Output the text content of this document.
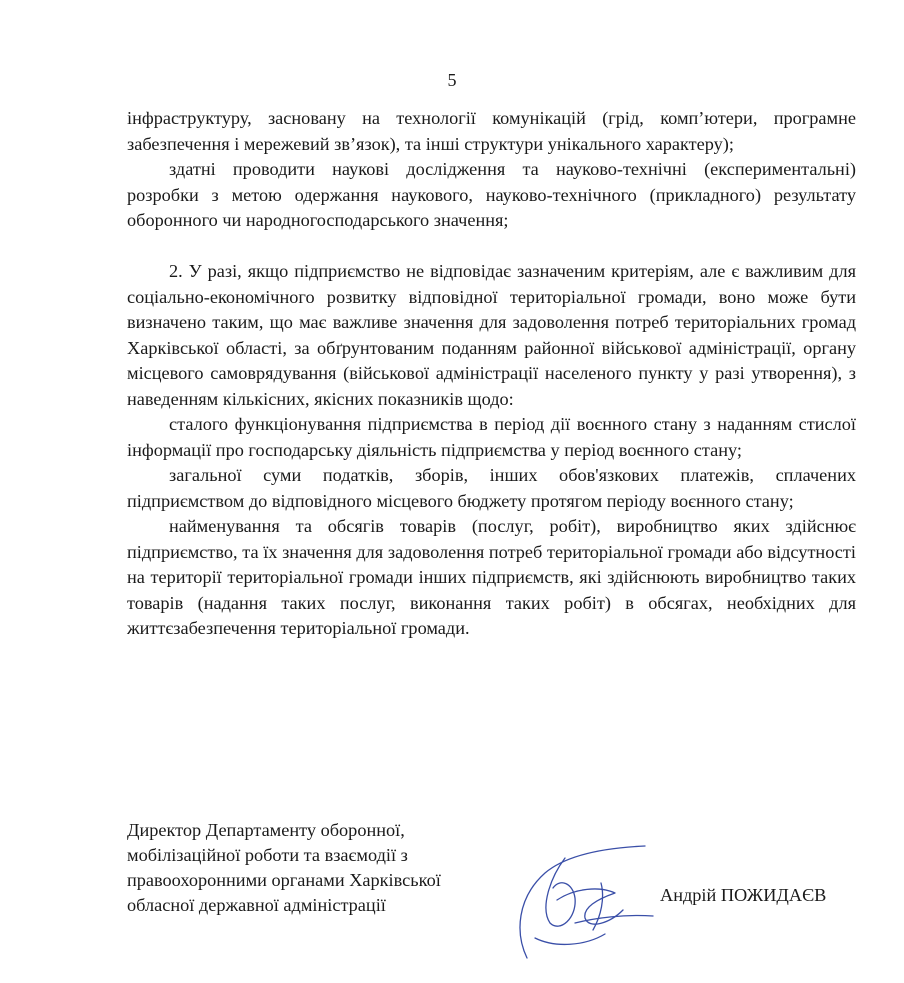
5

інфраструктуру, засновану на технології комунікацій (грід, комп’ютери, програмне забезпечення і мережевий зв’язок), та інші структури унікального характеру);

здатні проводити наукові дослідження та науково-технічні (експериментальні) розробки з метою одержання наукового, науково-технічного (прикладного) результату оборонного чи народногосподарського значення;

2. У разі, якщо підприємство не відповідає зазначеним критеріям, але є важливим для соціально-економічного розвитку відповідної територіальної громади, воно може бути визначено таким, що має важливе значення для задоволення потреб територіальних громад Харківської області, за обґрунтованим поданням районної військової адміністрації, органу місцевого самоврядування (військової адміністрації населеного пункту у разі утворення), з наведенням кількісних, якісних показників щодо:

сталого функціонування підприємства в період дії воєнного стану з наданням стислої інформації про господарську діяльність підприємства у період воєнного стану;

загальної суми податків, зборів, інших обов'язкових платежів, сплачених підприємством до відповідного місцевого бюджету протягом періоду воєнного стану;

найменування та обсягів товарів (послуг, робіт), виробництво яких здійснює підприємство, та їх значення для задоволення потреб територіальної громади або відсутності на території територіальної громади інших підприємств, які здійснюють виробництво таких товарів (надання таких послуг, виконання таких робіт) в обсягах, необхідних для життєзабезпечення територіальної громади.

Директор Департаменту оборонної,
мобілізаційної роботи та взаємодії з
правоохоронними органами Харківської
обласної державної адміністрації	Андрій ПОЖИДАЄВ
